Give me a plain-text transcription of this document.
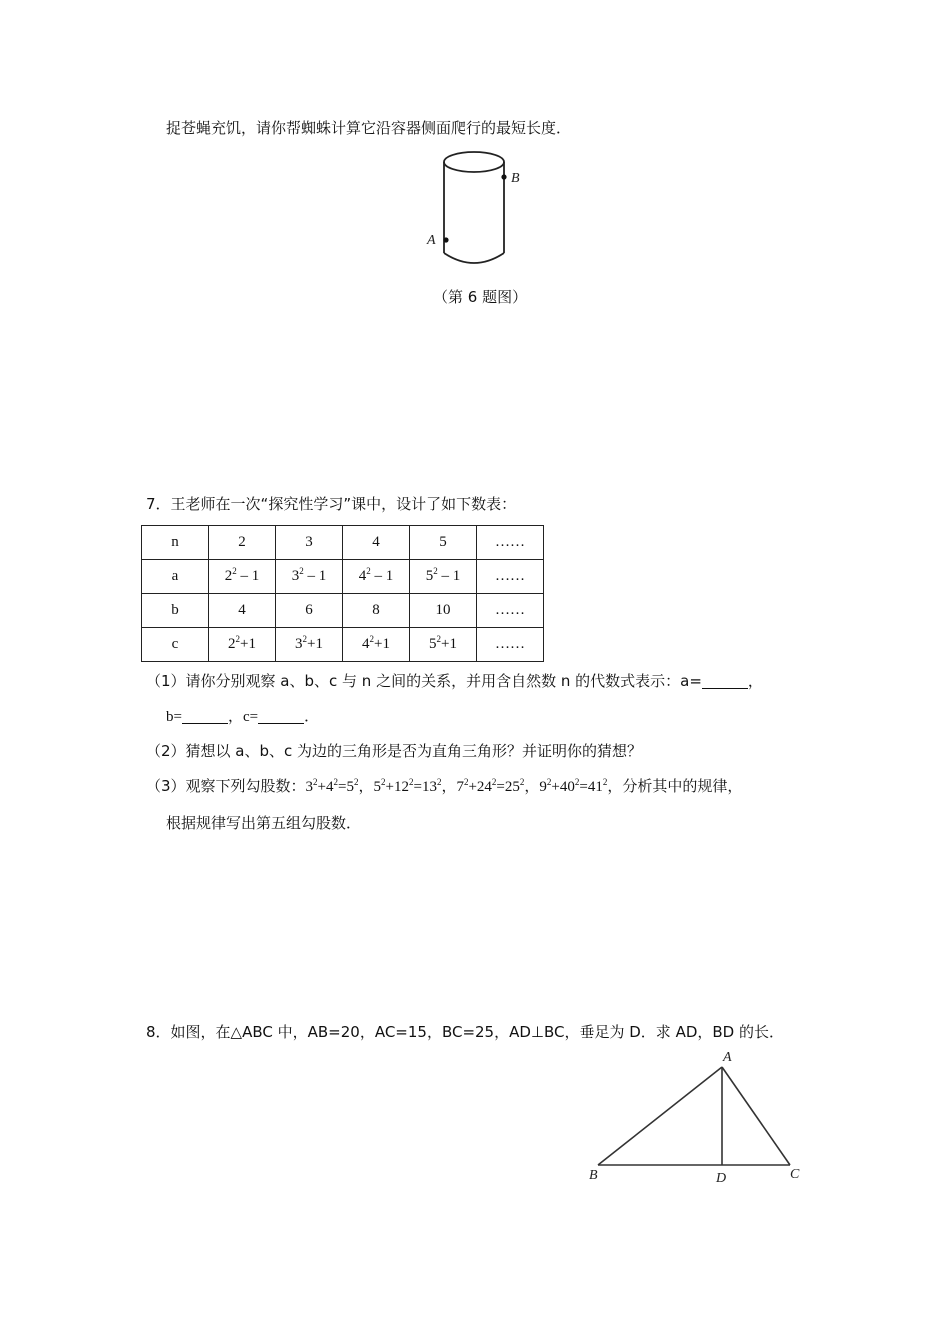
捉苍蝇充饥，请你帮蜘蛛计算它沿容器侧面爬行的最短长度．
B
A
（第 6 题图）
7．王老师在一次“探究性学习”课中，设计了如下数表：
n	2	3	4	5	……
a	$2^2 - 1$	$3^2 - 1$	$4^2 - 1$	$5^2 - 1$	……
b	4	6	8	10	……
c	$2^2+1$	$3^2+1$	$4^2+1$	$5^2+1$	……
（1）请你分别观察 a、b、c 与 n 之间的关系，并用含自然数 n 的代数式表示：a=	，
b=	，c=	．
（2）猜想以 a、b、c 为边的三角形是否为直角三角形？并证明你的猜想？
（3）观察下列勾股数：$3^2+4^2=5^2$，$5^2+12^2=13^2$，$7^2+24^2=25^2$，$9^2+40^2=41^2$，分析其中的规律，
根据规律写出第五组勾股数．
8．如图，在△ABC 中，AB=20，AC=15，BC=25，AD⊥BC，垂足为 D．求 AD，BD 的长．
A
B	C
D
